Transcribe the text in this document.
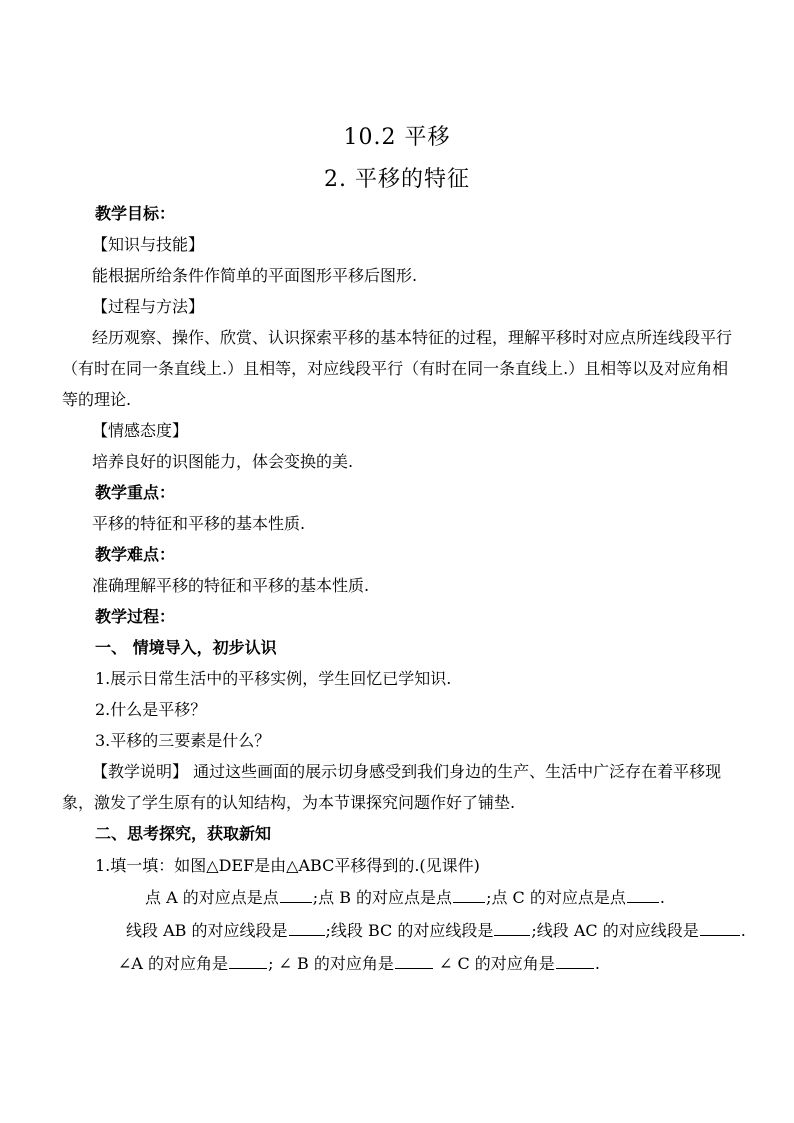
10.2 平移
2. 平移的特征
教学目标：
【知识与技能】
能根据所给条件作简单的平面图形平移后图形.
【过程与方法】
经历观察、操作、欣赏、认识探索平移的基本特征的过程，理解平移时对应点所连线段平行
（有时在同一条直线上.）且相等，对应线段平行（有时在同一条直线上.）且相等以及对应角相
等的理论.
【情感态度】
培养良好的识图能力，体会变换的美.
教学重点：
平移的特征和平移的基本性质.
教学难点：
准确理解平移的特征和平移的基本性质.
教学过程：
一、 情境导入，初步认识
1.展示日常生活中的平移实例，学生回忆已学知识.
2.什么是平移？
3.平移的三要素是什么？
【教学说明】 通过这些画面的展示切身感受到我们身边的生产、生活中广泛存在着平移现
象，激发了学生原有的认知结构，为本节课探究问题作好了铺垫.
二、思考探究，获取新知
1.填一填：如图△DEF是由△ABC平移得到的.(见课件)
点 A 的对应点是点 ;点 B 的对应点是点 ;点 C 的对应点是点 .
线段 AB 的对应线段是 ;线段 BC 的对应线段是 ;线段 AC 的对应线段是	.
∠A 的对应角是	; ∠ B 的对应角是	∠ C 的对应角是	.
